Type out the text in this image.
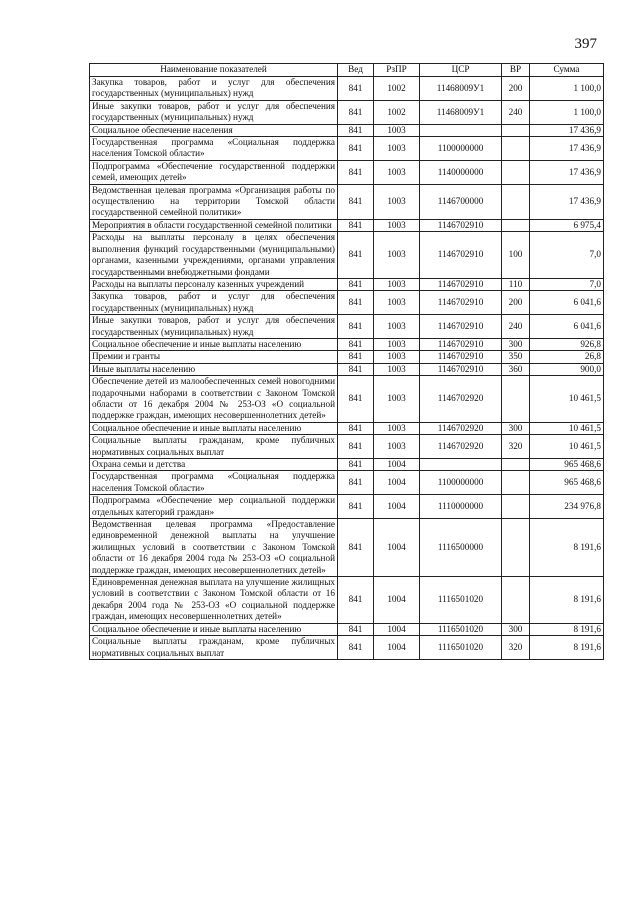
397
Наименование показателей	Вед	РзПР	ЦСР	ВР	Сумма
Закупка товаров, работ и услуг для обеспечения государственных (муниципальных) нужд	841	1002	11468009У1	200	1 100,0
Иные закупки товаров, работ и услуг для обеспечения государственных (муниципальных) нужд	841	1002	11468009У1	240	1 100,0
Социальное обеспечение населения	841	1003			17 436,9
Государственная программа «Социальная поддержка населения Томской области»	841	1003	1100000000		17 436,9
Подпрограмма «Обеспечение государственной поддержки семей, имеющих детей»	841	1003	1140000000		17 436,9
Ведомственная целевая программа «Организация работы по осуществлению на территории Томской области государственной семейной политики»	841	1003	1146700000		17 436,9
Мероприятия в области государственной семейной политики	841	1003	1146702910		6 975,4
Расходы на выплаты персоналу в целях обеспечения выполнения функций государственными (муниципальными) органами, казенными учреждениями, органами управления государственными внебюджетными фондами	841	1003	1146702910	100	7,0
Расходы на выплаты персоналу казенных учреждений	841	1003	1146702910	110	7,0
Закупка товаров, работ и услуг для обеспечения государственных (муниципальных) нужд	841	1003	1146702910	200	6 041,6
Иные закупки товаров, работ и услуг для обеспечения государственных (муниципальных) нужд	841	1003	1146702910	240	6 041,6
Социальное обеспечение и иные выплаты населению	841	1003	1146702910	300	926,8
Премии и гранты	841	1003	1146702910	350	26,8
Иные выплаты населению	841	1003	1146702910	360	900,0
Обеспечение детей из малообеспеченных семей новогодними подарочными наборами в соответствии с Законом Томской области от 16 декабря 2004 № 253-ОЗ «О социальной поддержке граждан, имеющих несовершеннолетних детей»	841	1003	1146702920		10 461,5
Социальное обеспечение и иные выплаты населению	841	1003	1146702920	300	10 461,5
Социальные выплаты гражданам, кроме публичных нормативных социальных выплат	841	1003	1146702920	320	10 461,5
Охрана семьи и детства	841	1004			965 468,6
Государственная программа «Социальная поддержка населения Томской области»	841	1004	1100000000		965 468,6
Подпрограмма «Обеспечение мер социальной поддержки отдельных категорий граждан»	841	1004	1110000000		234 976,8
Ведомственная целевая программа «Предоставление единовременной денежной выплаты на улучшение жилищных условий в соответствии с Законом Томской области от 16 декабря 2004 года № 253-ОЗ «О социальной поддержке граждан, имеющих несовершеннолетних детей»	841	1004	1116500000		8 191,6
Единовременная денежная выплата на улучшение жилищных условий в соответствии с Законом Томской области от 16 декабря 2004 года № 253-ОЗ «О социальной поддержке граждан, имеющих несовершеннолетних детей»	841	1004	1116501020		8 191,6
Социальное обеспечение и иные выплаты населению	841	1004	1116501020	300	8 191,6
Социальные выплаты гражданам, кроме публичных нормативных социальных выплат	841	1004	1116501020	320	8 191,6
